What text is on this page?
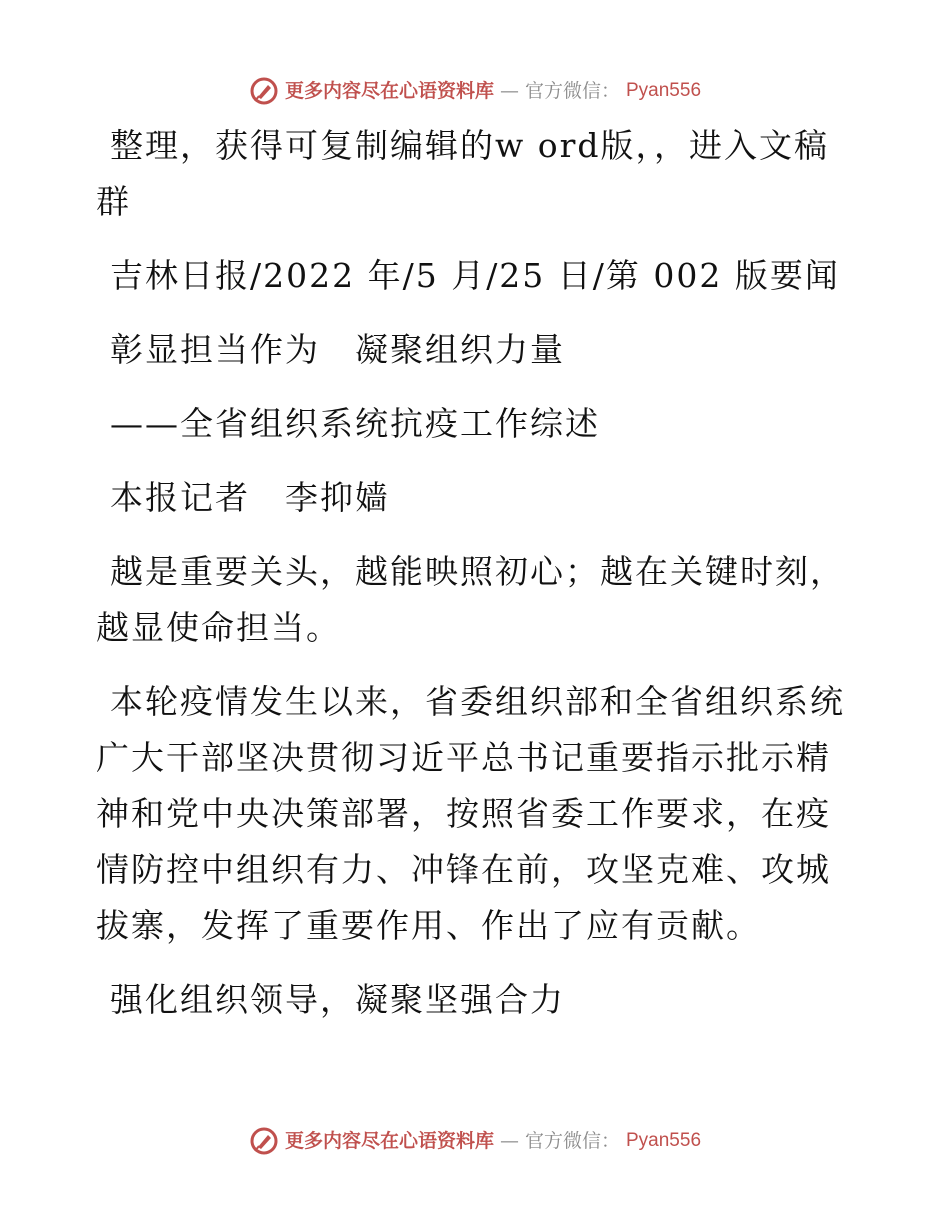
更多内容尽在心语资料库 — 官方微信： Pyan556

整理，获得可复制编辑的w ord版，，进入文稿群

吉林日报/2022 年/5 月/25 日/第 002 版要闻

彰显担当作为　凝聚组织力量

——全省组织系统抗疫工作综述

本报记者　李抑嫱

越是重要关头，越能映照初心；越在关键时刻，越显使命担当。

本轮疫情发生以来，省委组织部和全省组织系统广大干部坚决贯彻习近平总书记重要指示批示精神和党中央决策部署，按照省委工作要求，在疫情防控中组织有力、冲锋在前，攻坚克难、攻城拔寨，发挥了重要作用、作出了应有贡献。

强化组织领导，凝聚坚强合力

更多内容尽在心语资料库 — 官方微信： Pyan556
